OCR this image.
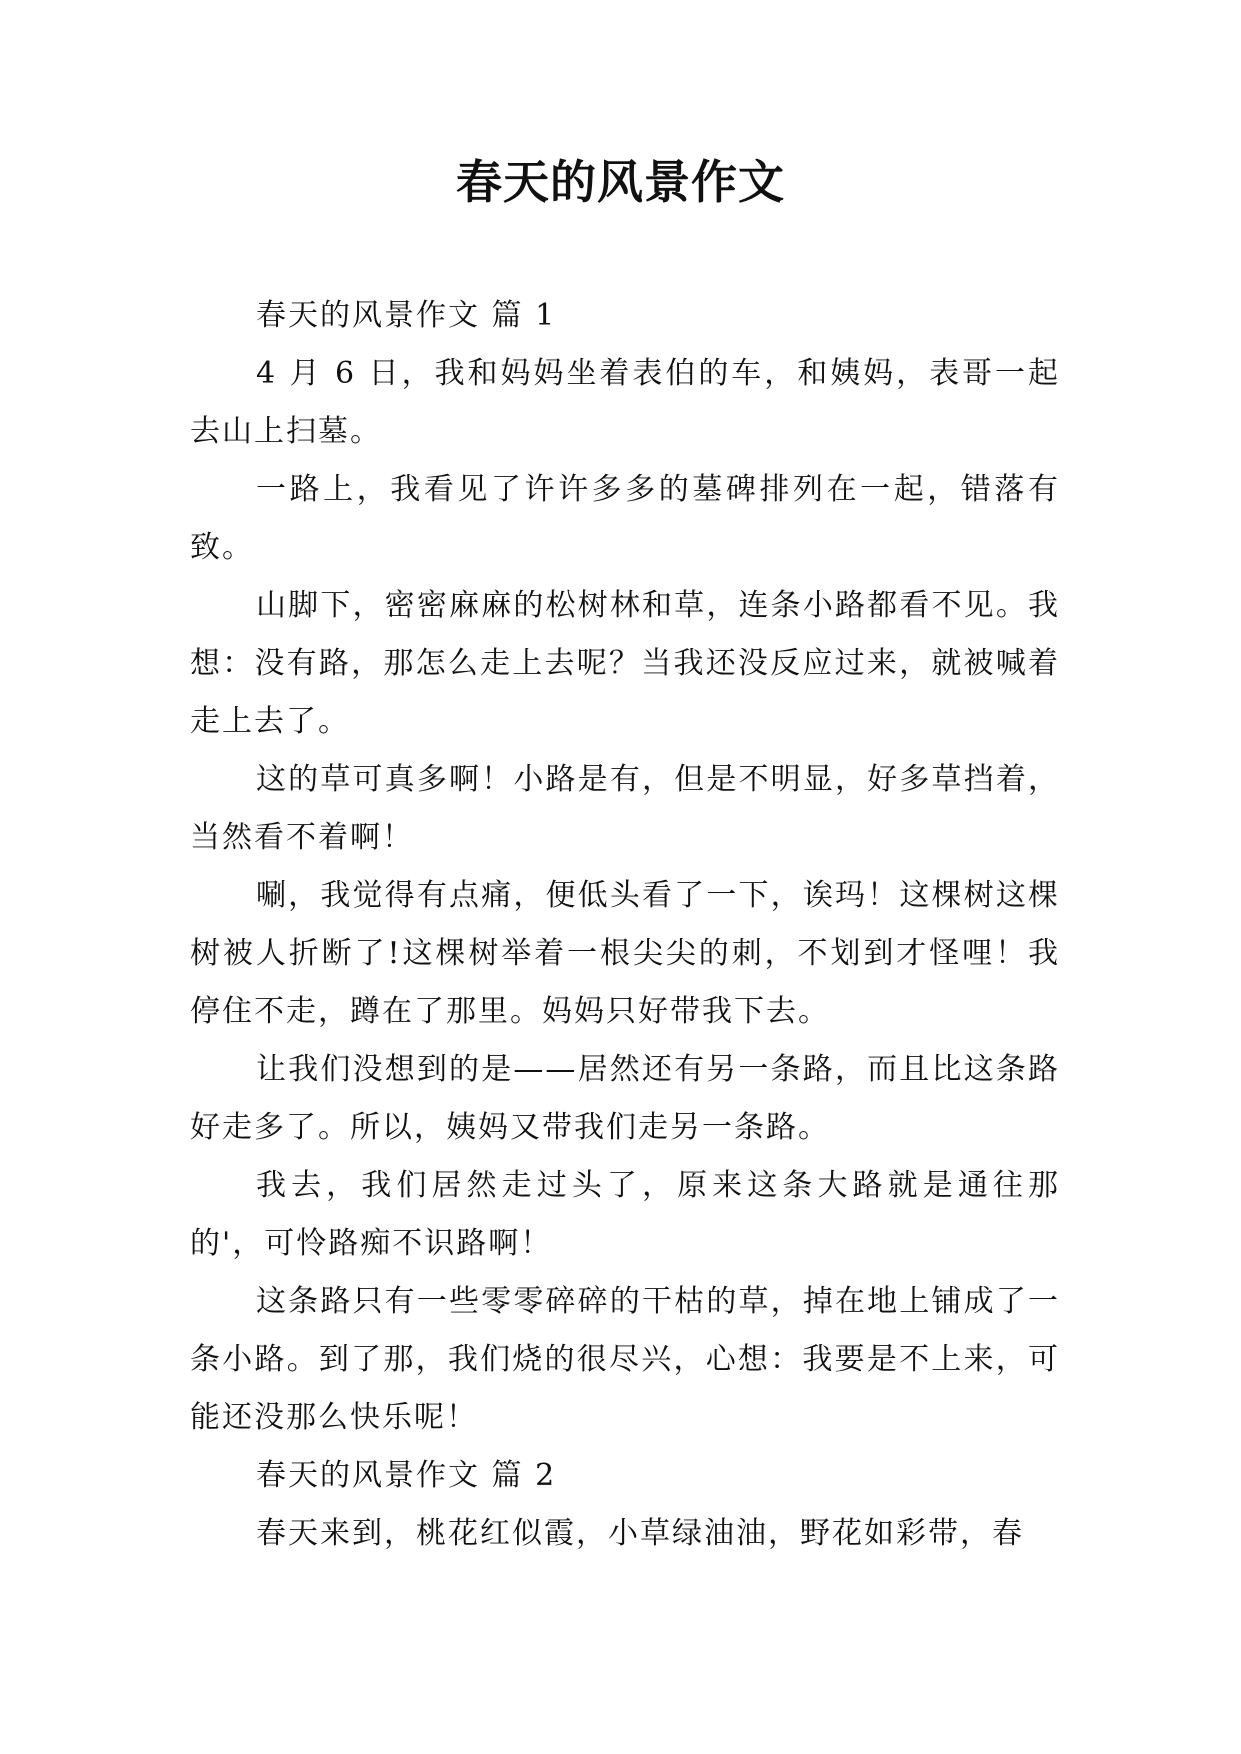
春天的风景作文

春天的风景作文 篇 1

4 月 6 日，我和妈妈坐着表伯的车，和姨妈，表哥一起去山上扫墓。

一路上，我看见了许许多多的墓碑排列在一起，错落有致。

山脚下，密密麻麻的松树林和草，连条小路都看不见。我想：没有路，那怎么走上去呢？当我还没反应过来，就被喊着走上去了。

这的草可真多啊！小路是有，但是不明显，好多草挡着，当然看不着啊！

唰，我觉得有点痛，便低头看了一下，诶玛！这棵树这棵树被人折断了!这棵树举着一根尖尖的刺，不划到才怪哩！我停住不走，蹲在了那里。妈妈只好带我下去。

让我们没想到的是——居然还有另一条路，而且比这条路好走多了。所以，姨妈又带我们走另一条路。

我去，我们居然走过头了，原来这条大路就是通往那的'，可怜路痴不识路啊！

这条路只有一些零零碎碎的干枯的草，掉在地上铺成了一条小路。到了那，我们烧的很尽兴，心想：我要是不上来，可能还没那么快乐呢！

春天的风景作文 篇 2

春天来到，桃花红似霞，小草绿油油，野花如彩带，春
